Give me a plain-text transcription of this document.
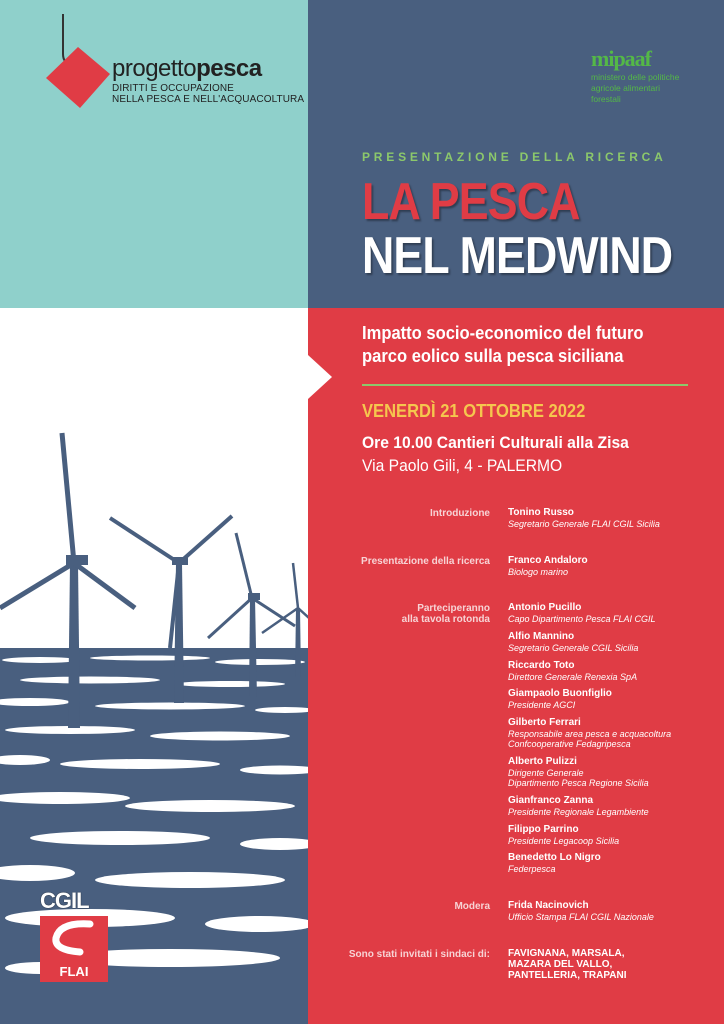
progettopesca
DIRITTI E OCCUPAZIONE
NELLA PESCA E NELL'ACQUACOLTURA
mipaaf
ministero delle politiche
agricole alimentari forestali
PRESENTAZIONE DELLA RICERCA
LA PESCA
NEL MEDWIND
Impatto socio-economico del futuro
parco eolico sulla pesca siciliana
VENERDÌ 21 OTTOBRE 2022
Ore 10.00 Cantieri Culturali alla Zisa
Via Paolo Gili, 4 - PALERMO
Introduzione Tonino Russo
Segretario Generale FLAI CGIL Sicilia
Presentazione della ricerca Franco Andaloro
Biologo marino
Parteciperanno
alla tavola rotonda
Antonio Pucillo
Capo Dipartimento Pesca FLAI CGIL
Alfio Mannino
Segretario Generale CGIL Sicilia
Riccardo Toto
Direttore Generale Renexia SpA
Giampaolo Buonfiglio
Presidente AGCI
Gilberto Ferrari
Responsabile area pesca e acquacoltura
Confcooperative Fedagripesca
Alberto Pulizzi
Dirigente Generale
Dipartimento Pesca Regione Sicilia
Gianfranco Zanna
Presidente Regionale Legambiente
Filippo Parrino
Presidente Legacoop Sicilia
Benedetto Lo Nigro
Federpesca
Modera Frida Nacinovich
Ufficio Stampa FLAI CGIL Nazionale
Sono stati invitati i sindaci di: FAVIGNANA, MARSALA,
MAZARA DEL VALLO,
PANTELLERIA, TRAPANI
CGIL
FLAI
